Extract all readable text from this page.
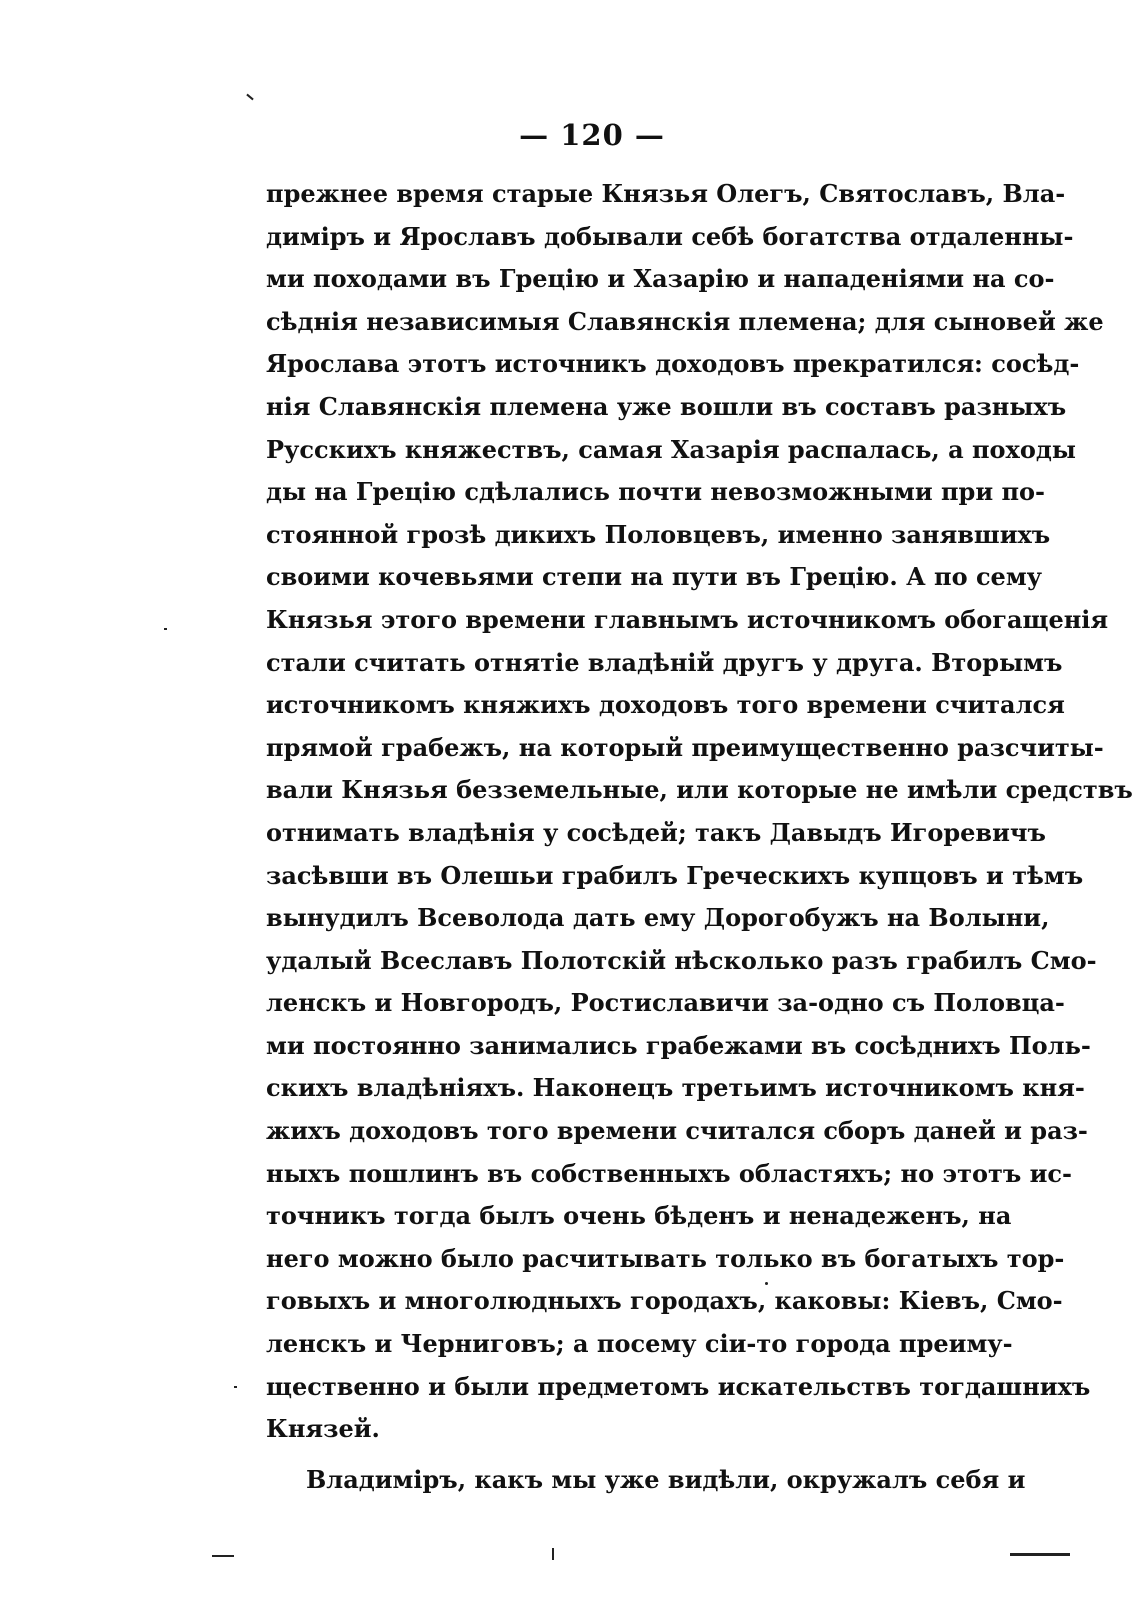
— 120 —
прежнее время старые Князья Олегъ, Святославъ, Вла-
диміръ и Ярославъ добывали себѣ богатства отдаленны-
ми походами въ Грецію и Хазарію и нападеніями на со-
сѣднія независимыя Славянскія племена; для сыновей же
Ярослава этотъ источникъ доходовъ прекратился: сосѣд-
нія Славянскія племена уже вошли въ составъ разныхъ
Русскихъ княжествъ, самая Хазарія распалась, а походы
ды на Грецію сдѣлались почти невозможными при по-
стоянной грозѣ дикихъ Половцевъ, именно занявшихъ
своими кочевьями степи на пути въ Грецію. А по сему
Князья этого времени главнымъ источникомъ обогащенія
стали считать отнятіе владѣній другъ у друга. Вторымъ
источникомъ княжихъ доходовъ того времени считался
прямой грабежъ, на который преимущественно разсчиты-
вали Князья безземельные, или которые не имѣли средствъ
отнимать владѣнія у сосѣдей; такъ Давыдъ Игоревичъ
засѣвши въ Олешьи грабилъ Греческихъ купцовъ и тѣмъ
вынудилъ Всеволода дать ему Дорогобужъ на Волыни,
удалый Всеславъ Полотскій нѣсколько разъ грабилъ Смо-
ленскъ и Новгородъ, Ростиславичи за-одно съ Половца-
ми постоянно занимались грабежами въ сосѣднихъ Поль-
скихъ владѣніяхъ. Наконецъ третьимъ источникомъ кня-
жихъ доходовъ того времени считался сборъ даней и раз-
ныхъ пошлинъ въ собственныхъ областяхъ; но этотъ ис-
точникъ тогда былъ очень бѣденъ и ненадеженъ, на
него можно было расчитывать только въ богатыхъ тор-
говыхъ и многолюдныхъ городахъ, каковы: Кіевъ, Смо-
ленскъ и Черниговъ; а посему сіи-то города преиму-
щественно и были предметомъ искательствъ тогдашнихъ
Князей.
Владиміръ, какъ мы уже видѣли, окружалъ себя и
